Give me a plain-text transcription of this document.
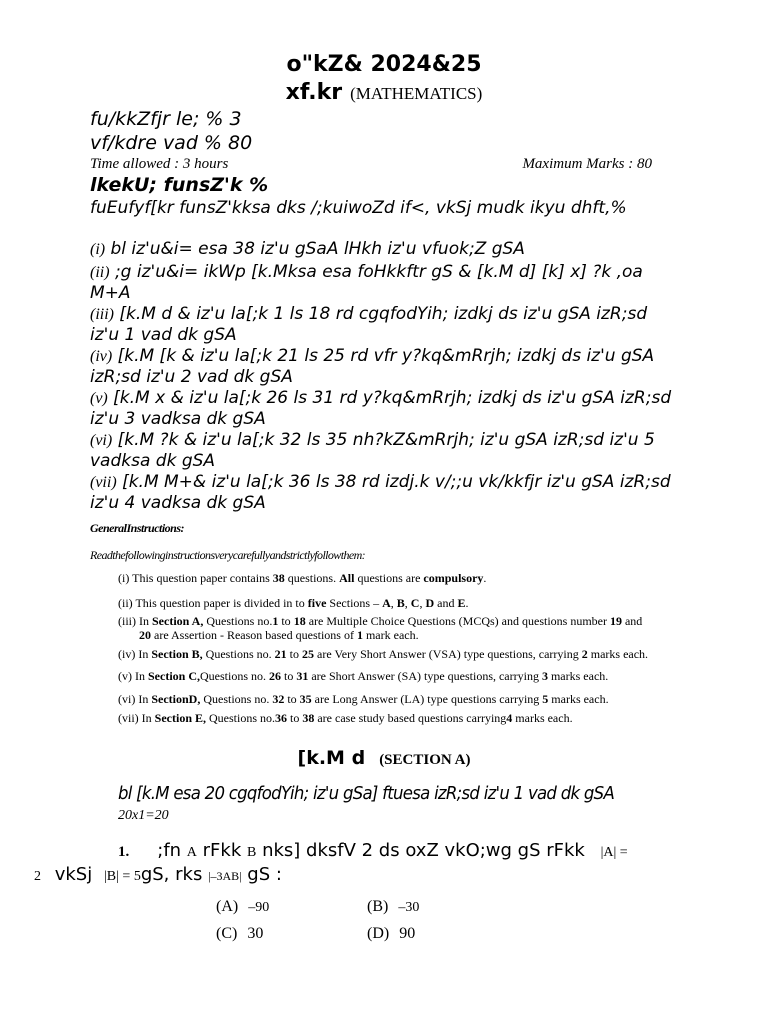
o"kZ& 2024&25
xf.kr (MATHEMATICS)
fu/kkZfjr le; % 3
vf/kdre vad % 80
Time allowed : 3 hours	Maximum Marks : 80
lkekU; funsZ'k %
fuEufyf[kr funsZ'kksa dks /;kuiwoZd if<, vkSj mudk ikyu dhft,%
(i) bl iz'u&i= esa 38 iz'u gSaA lHkh iz'u vfuok;Z gSA
(ii) ;g iz'u&i= ikWp [k.Mksa esa foHkkftr gS & [k.M d] [k] x] ?k ,oa M+A
(iii) [k.M d & iz'u la[;k 1 ls 18 rd cgqfodYih; izdkj ds iz'u gSA izR;sd iz'u 1 vad dk gSA
(iv) [k.M [k & iz'u la[;k 21 ls 25 rd vfr y?kq&mRrjh; izdkj ds iz'u gSA izR;sd iz'u 2 vad dk gSA
(v) [k.M x & iz'u la[;k 26 ls 31 rd y?kq&mRrjh; izdkj ds iz'u gSA izR;sd iz'u 3 vadksa dk gSA
(vi) [k.M ?k & iz'u la[;k 32 ls 35 nh?kZ&mRrjh; iz'u gSA izR;sd iz'u 5 vadksa dk gSA
(vii) [k.M M+& iz'u la[;k 36 ls 38 rd izdj.k v/;;u vk/kkfjr iz'u gSA izR;sd iz'u 4 vadksa dk gSA
GeneralInstructions:
Readthefollowinginstructionsverycarefullyandstrictlyfollowthem:
(i) This question paper contains 38 questions. All questions are compulsory.
(ii) This question paper is divided in to five Sections – A, B, C, D and E.
(iii) In Section A, Questions no.1 to 18 are Multiple Choice Questions (MCQs) and questions number 19 and
20 are Assertion - Reason based questions of 1 mark each.
(iv) In Section B, Questions no. 21 to 25 are Very Short Answer (VSA) type questions, carrying 2 marks each.
(v) In Section C,Questions no. 26 to 31 are Short Answer (SA) type questions, carrying 3 marks each.
(vi) In SectionD, Questions no. 32 to 35 are Long Answer (LA) type questions carrying 5 marks each.
(vii) In Section E, Questions no.36 to 38 are case study based questions carrying4 marks each.
[k.M d (SECTION A)
bl [k.M esa 20 cgqfodYih; iz'u gSa] ftuesa izR;sd iz'u 1 vad dk gSA
20x1=20
1. ;fn A rFkk B nks] dksfV 2 ds oxZ vkO;wg gS rFkk |A| =
2 vkSj |B| = 5gS, rks |–3AB| gS :
(A) –90	(B) –30
(C) 30	(D) 90
